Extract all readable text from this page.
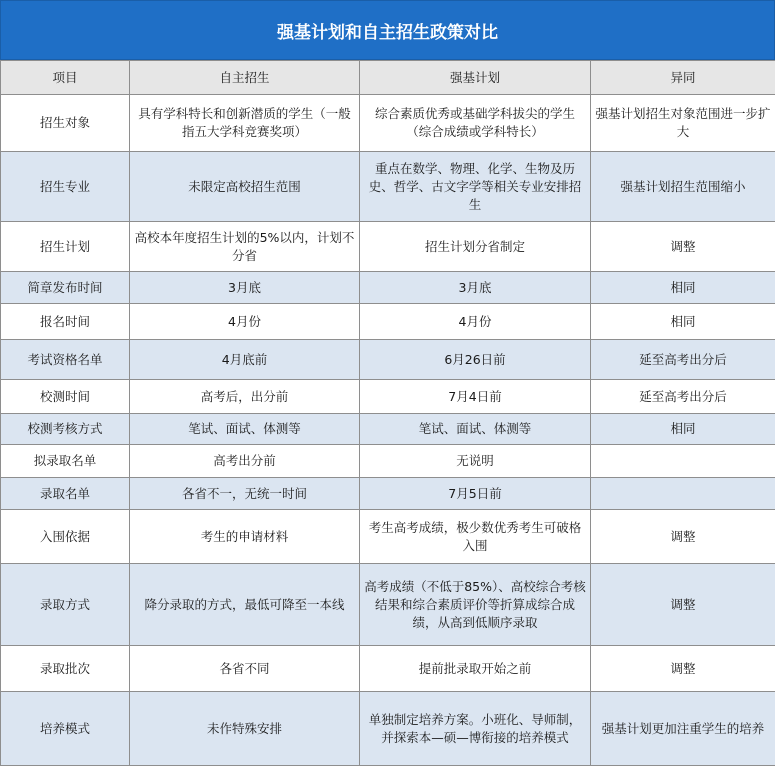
强基计划和自主招生政策对比
项目	自主招生	强基计划	异同
招生对象	具有学科特长和创新潜质的学生（一般指五大学科竞赛奖项）	综合素质优秀或基础学科拔尖的学生（综合成绩或学科特长）	强基计划招生对象范围进一步扩大
招生专业	未限定高校招生范围	重点在数学、物理、化学、生物及历史、哲学、古文字学等相关专业安排招生	强基计划招生范围缩小
招生计划	高校本年度招生计划的5%以内，计划不分省	招生计划分省制定	调整
简章发布时间	3月底	3月底	相同
报名时间	4月份	4月份	相同
考试资格名单	4月底前	6月26日前	延至高考出分后
校测时间	高考后，出分前	7月4日前	延至高考出分后
校测考核方式	笔试、面试、体测等	笔试、面试、体测等	相同
拟录取名单	高考出分前	无说明	
录取名单	各省不一，无统一时间	7月5日前	
入围依据	考生的申请材料	考生高考成绩，极少数优秀考生可破格入围	调整
录取方式	降分录取的方式，最低可降至一本线	高考成绩（不低于85%）、高校综合考核结果和综合素质评价等折算成综合成绩，从高到低顺序录取	调整
录取批次	各省不同	提前批录取开始之前	调整
培养模式	未作特殊安排	单独制定培养方案。小班化、导师制，并探索本—硕—博衔接的培养模式	强基计划更加注重学生的培养
